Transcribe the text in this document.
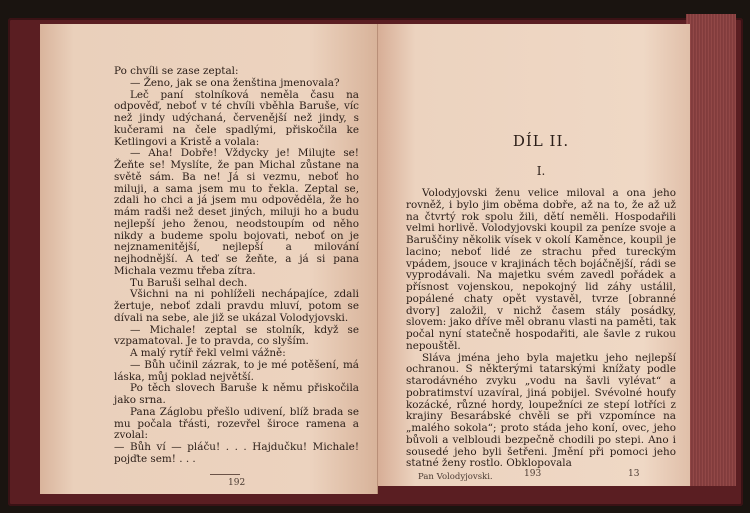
Po chvíli se zase zeptal:

— Ženo, jak se ona ženština jmenovala?

Leč paní stolníková neměla času na odpověď, neboť v té chvíli vběhla Baruše, víc než jindy udýchaná, červenější než jindy, s kučerami na čele spadlými, přiskočila ke Ketlingovi a Kristě a volala:

— Aha! Dobře! Vždycky je! Milujte se! Žeňte se! Myslíte, že pan Michal zůstane na světě sám. Ba ne! Já si vezmu, neboť ho miluji, a sama jsem mu to řekla. Zeptal se, zdali ho chci a já jsem mu odpověděla, že ho mám radši než deset jiných, miluji ho a budu nejlepší jeho ženou, neodstoupím od něho nikdy a budeme spolu bojovati, neboť on je nejznamenitější, nejlepší a milování nejhodnější. A teď se žeňte, a já si pana Michala vezmu třeba zítra.

Tu Baruši selhal dech.

Všichni na ni pohlíželi nechápajíce, zdali žertuje, neboť zdali pravdu mluví, potom se dívali na sebe, ale již se ukázal Volodyjovski.

— Michale! zeptal se stolník, když se vzpamatoval. Je to pravda, co slyším.

A malý rytíř řekl velmi vážně:

— Bůh učinil zázrak, to je mé potěšení, má láska, můj poklad největší.

Po těch slovech Baruše k němu přiskočila jako srna.

Pana Záglobu přešlo udivení, blíž brada se mu počala třásti, rozevřel široce ramena a zvolal:

— Bůh ví — pláču! . . . Hajdučku! Michale! pojďte sem! . . .

192
DÍL II.
I.

Volodyjovski ženu velice miloval a ona jeho rovněž, i bylo jim oběma dobře, až na to, že až už na čtvrtý rok spolu žili, dětí neměli. Hospodařili velmi horlivě. Volodyjovski koupil za peníze svoje a Baruščiny několik vísek v okolí Kaměnce, koupil je lacino; neboť lidé ze strachu před tureckým vpádem, jsouce v krajinách těch bojáčnější, rádi se vyprodávali. Na majetku svém zavedl pořádek a přísnost vojenskou, nepokojný lid záhy ustálil, popálené chaty opět vystavěl, tvrze [obranné dvory] založil, v nichž časem stály posádky, slovem: jako dříve měl obranu vlasti na paměti, tak počal nyní statečně hospodařiti, ale šavle z rukou nepouštěl.

Sláva jména jeho byla majetku jeho nejlepší ochranou. S některými tatarskými knížaty podle starodávného zvyku „vodu na šavli vylévat“ a pobratimství uzavíral, jiná pobijel. Svévolné houfy kozácké, různé hordy, loupežníci ze stepí lotříci z krajiny Besarábské chvěli se při vzpomínce na „malého sokola“; proto stáda jeho koní, ovec, jeho bůvoli a velbloudi bezpečně chodili po stepi. Ano i sousedé jeho byli šetřeni. Jmění při pomoci jeho statné ženy rostlo. Obklopovala

Pan Volodyjovski.	193	13
